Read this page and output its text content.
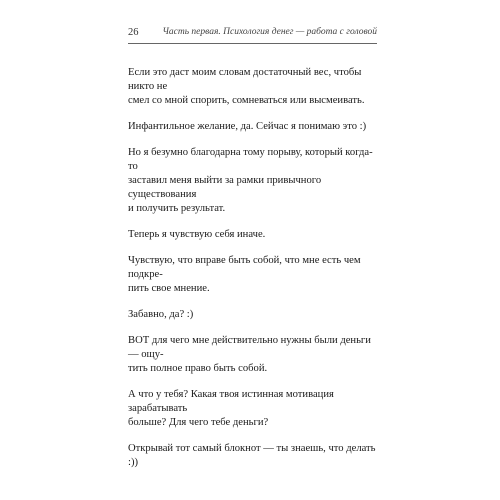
26	Часть первая. Психология денег — работа с головой

Если это даст моим словам достаточный вес, чтобы никто не
смел со мной спорить, сомневаться или высмеивать.

Инфантильное желание, да. Сейчас я понимаю это :)

Но я безумно благодарна тому порыву, который когда-то
заставил меня выйти за рамки привычного существования
и получить результат.

Теперь я чувствую себя иначе.

Чувствую, что вправе быть собой, что мне есть чем подкре-
пить свое мнение.

Забавно, да? :)

ВОТ для чего мне действительно нужны были деньги — ощу-
тить полное право быть собой.

А что у тебя? Какая твоя истинная мотивация зарабатывать
больше? Для чего тебе деньги?

Открывай тот самый блокнот — ты знаешь, что делать :))
